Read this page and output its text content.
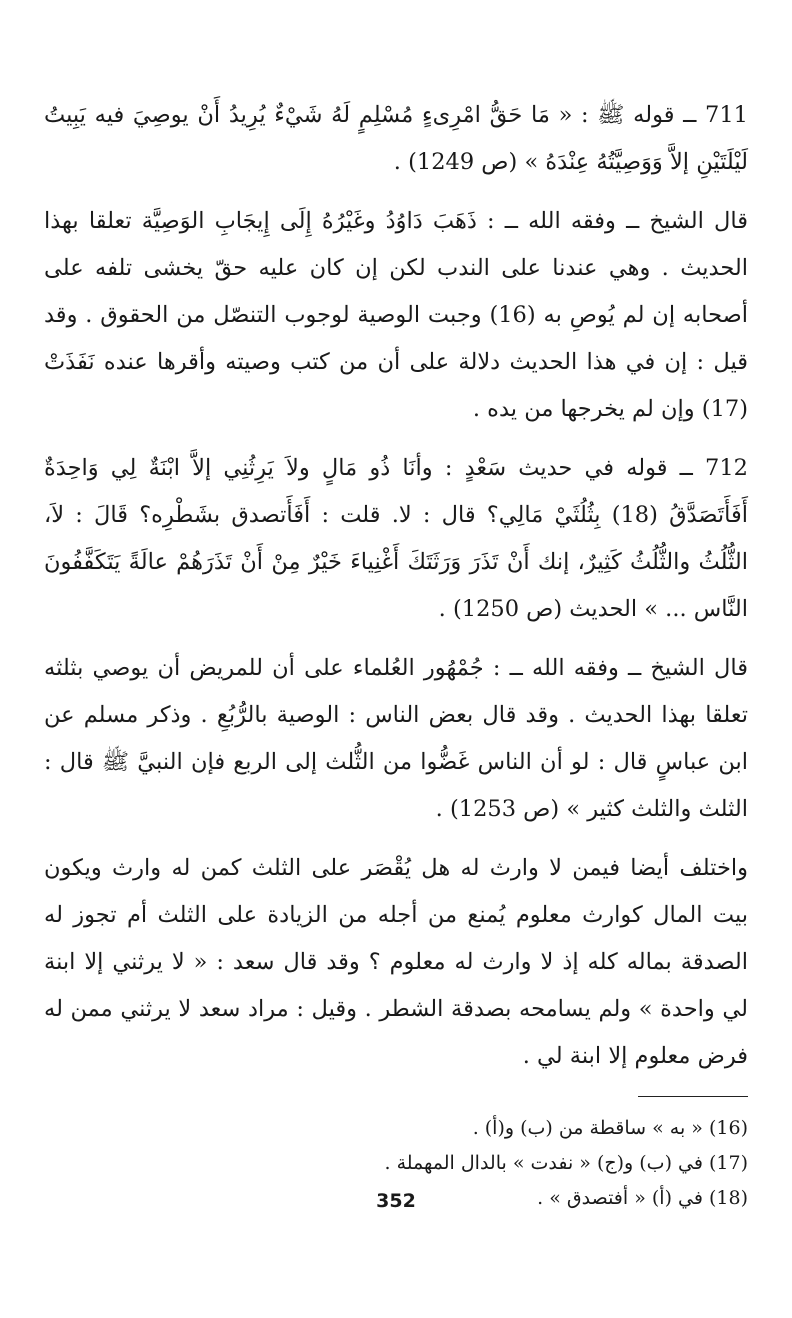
711 ــ قوله ﷺ : « مَا حَقُّ امْرِىءٍ مُسْلِمٍ لَهُ شَيْءٌ يُرِيدُ أَنْ يوصِيَ فيه يَبِيتُ لَيْلَتَيْنِ إلاَّ وَوَصِيَّتُهُ عِنْدَهُ » (ص 1249) .

قال الشيخ ــ وفقه الله ــ : ذَهَبَ دَاوُدُ وغَيْرُهُ إِلَى إِيجَابِ الوَصِيَّة تعلقا بهذا الحديث . وهي عندنا على الندب لكن إن كان عليه حقّ يخشى تلفه على أصحابه إن لم يُوصِ به (16) وجبت الوصية لوجوب التنصّل من الحقوق . وقد قيل : إن في هذا الحديث دلالة على أن من كتب وصيته وأقرها عنده نَفَذَتْ (17) وإن لم يخرجها من يده .

712 ــ قوله في حديث سَعْدٍ : وأنَا ذُو مَالٍ ولاَ يَرِثُنِي إلاَّ ابْنَةٌ لِي وَاحِدَةٌ أَفَأَتَصَدَّقُ (18) بِثُلُثَيْ مَالِي؟ قال : لا. قلت : أَفَأَتصدق بشَطْرِه؟ قَالَ : لاَ، الثُّلُثُ والثُّلُثُ كَثِيرٌ، إنك أَنْ تَذَرَ وَرَثَتَكَ أَغْنِياءَ خَيْرٌ مِنْ أَنْ تَذَرَهُمْ عالَةً يَتَكَفَّفُونَ النَّاس ... » الحديث (ص 1250) .

قال الشيخ ــ وفقه الله ــ : جُمْهُور العُلماء على أن للمريض أن يوصي بثلثه تعلقا بهذا الحديث . وقد قال بعض الناس : الوصية بالرُّبُعِ . وذكر مسلم عن ابن عباسٍ قال : لو أن الناس غَضُّوا من الثُّلث إلى الربع فإن النبيَّ ﷺ قال : الثلث والثلث كثير » (ص 1253) .

واختلف أيضا فيمن لا وارث له هل يُقْصَر على الثلث كمن له وارث ويكون بيت المال كوارث معلوم يُمنع من أجله من الزيادة على الثلث أم تجوز له الصدقة بماله كله إذ لا وارث له معلوم ؟ وقد قال سعد : « لا يرثني إلا ابنة لي واحدة » ولم يسامحه بصدقة الشطر . وقيل : مراد سعد لا يرثني ممن له فرض معلوم إلا ابنة لي .

(16) « به » ساقطة من (ب) و(أ) .

(17) في (ب) و(ج) « نفدت » بالدال المهملة .

(18) في (أ) « أفتصدق » .

352
